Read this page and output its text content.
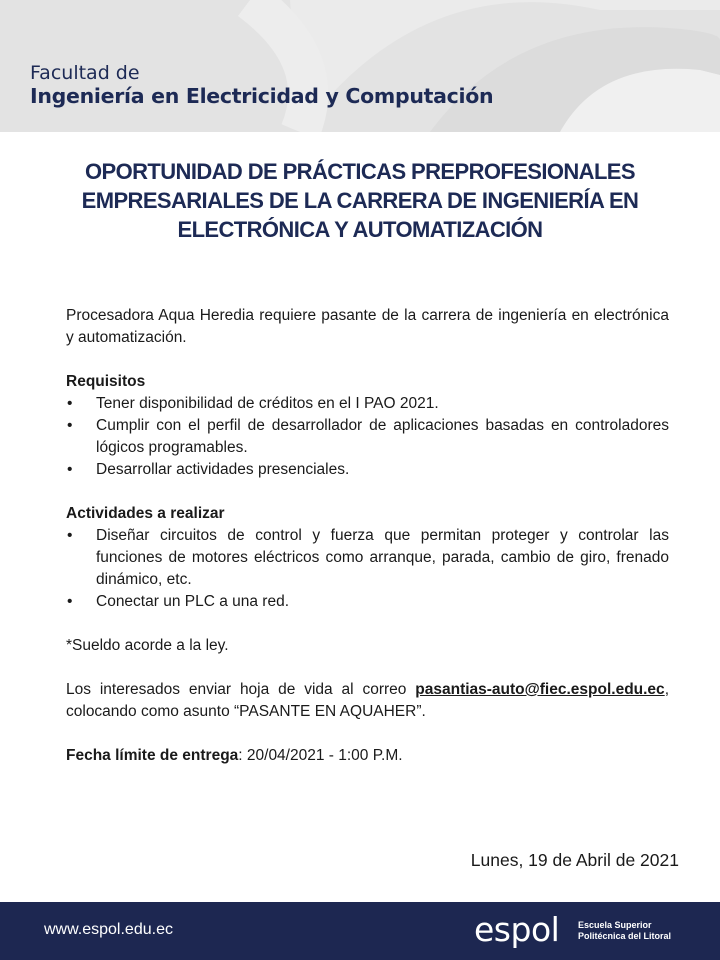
Facultad de
Ingeniería en Electricidad y Computación
OPORTUNIDAD DE PRÁCTICAS PREPROFESIONALES EMPRESARIALES DE LA CARRERA DE INGENIERÍA EN ELECTRÓNICA Y AUTOMATIZACIÓN

Procesadora Aqua Heredia requiere pasante de la carrera de ingeniería en electrónica y automatización.

Requisitos
• Tener disponibilidad de créditos en el I PAO 2021.
• Cumplir con el perfil de desarrollador de aplicaciones basadas en controladores lógicos programables.
• Desarrollar actividades presenciales.
Actividades a realizar
• Diseñar circuitos de control y fuerza que permitan proteger y controlar las funciones de motores eléctricos como arranque, parada, cambio de giro, frenado dinámico, etc.
• Conectar un PLC a una red.

*Sueldo acorde a la ley.

Los interesados enviar hoja de vida al correo pasantias-auto@fiec.espol.edu.ec, colocando como asunto “PASANTE EN AQUAHER”.

Fecha límite de entrega: 20/04/2021 - 1:00 P.M.

Lunes, 19 de Abril de 2021
www.espol.edu.ec	espol Escuela Superior
Politécnica del Litoral
